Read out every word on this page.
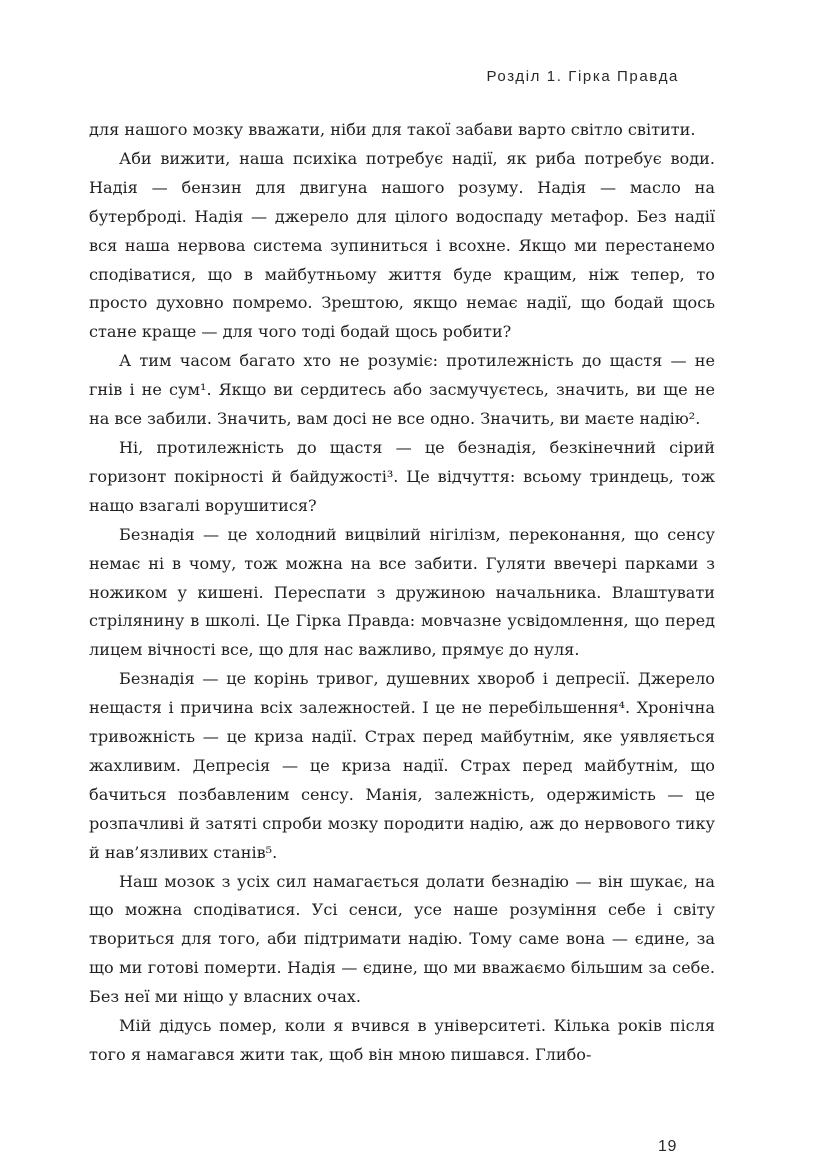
Розділ 1. Гірка Правда

для нашого мозку вважати, ніби для такої забави варто світло світити.

Аби вижити, наша психіка потребує надії, як риба потребує води. Надія — бензин для двигуна нашого розуму. Надія — масло на бутерброді. Надія — джерело для цілого водоспаду метафор. Без надії вся наша нервова система зупиниться і всохне. Якщо ми перестанемо сподіватися, що в майбутньому життя буде кращим, ніж тепер, то просто духовно помремо. Зрештою, якщо немає надії, що бодай щось стане краще — для чого тоді бодай щось робити?

А тим часом багато хто не розуміє: протилежність до щастя — не гнів і не сум¹. Якщо ви сердитесь або засмучуєтесь, значить, ви ще не на все забили. Значить, вам досі не все одно. Значить, ви маєте надію².

Ні, протилежність до щастя — це безнадія, безкінечний сірий горизонт покірності й байдужості³. Це відчуття: всьому триндець, тож нащо взагалі ворушитися?

Безнадія — це холодний вицвілий нігілізм, переконання, що сенсу немає ні в чому, тож можна на все забити. Гуляти ввечері парками з ножиком у кишені. Переспати з дружиною начальника. Влаштувати стрілянину в школі. Це Гірка Правда: мовчазне усвідомлення, що перед лицем вічності все, що для нас важливо, прямує до нуля.

Безнадія — це корінь тривог, душевних хвороб і депресії. Джерело нещастя і причина всіх залежностей. І це не перебільшення⁴. Хронічна тривожність — це криза надії. Страх перед майбутнім, яке уявляється жахливим. Депресія — це криза надії. Страх перед майбутнім, що бачиться позбавленим сенсу. Манія, залежність, одержимість — це розпачливі й затяті спроби мозку породити надію, аж до нервового тику й нав’язливих станів⁵.

Наш мозок з усіх сил намагається долати безнадію — він шукає, на що можна сподіватися. Усі сенси, усе наше розуміння себе і світу твориться для того, аби підтримати надію. Тому саме вона — єдине, за що ми готові померти. Надія — єдине, що ми вважаємо більшим за себе. Без неї ми ніщо у власних очах.

Мій дідусь помер, коли я вчився в університеті. Кілька років після того я намагався жити так, щоб він мною пишався. Глибо-

19
